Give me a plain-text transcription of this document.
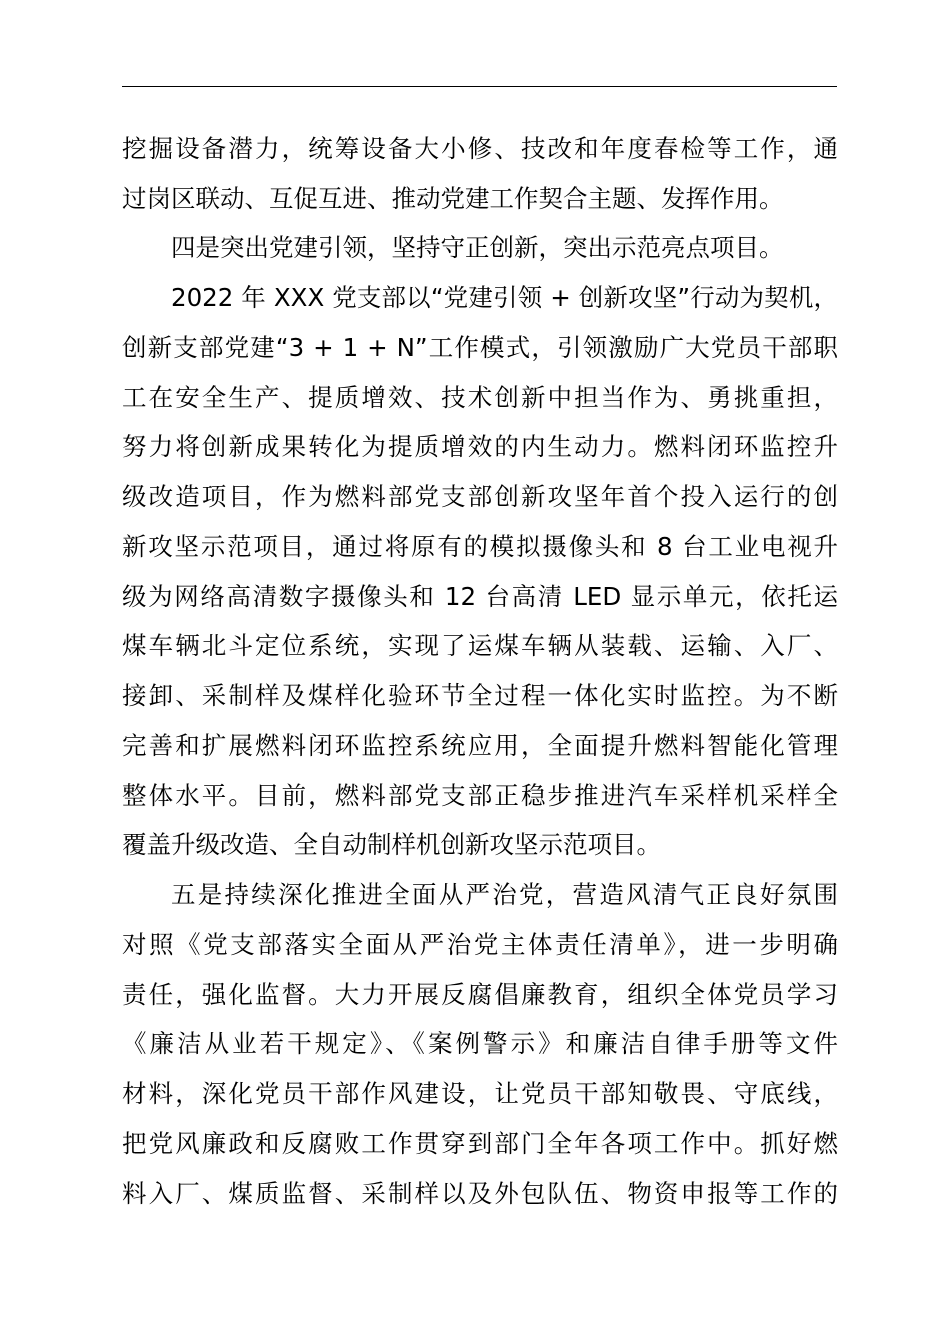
挖掘设备潜力，统筹设备大小修、技改和年度春检等工作，通
过岗区联动、互促互进、推动党建工作契合主题、发挥作用。
四是突出党建引领，坚持守正创新，突出示范亮点项目。
2022 年 XXX 党支部以“党建引领 + 创新攻坚”行动为契机，
创新支部党建“3 + 1 + N”工作模式，引领激励广大党员干部职
工在安全生产、提质增效、技术创新中担当作为、勇挑重担，
努力将创新成果转化为提质增效的内生动力。燃料闭环监控升
级改造项目，作为燃料部党支部创新攻坚年首个投入运行的创
新攻坚示范项目，通过将原有的模拟摄像头和 8 台工业电视升
级为网络高清数字摄像头和 12 台高清 LED 显示单元，依托运
煤车辆北斗定位系统，实现了运煤车辆从装载、运输、入厂、
接卸、采制样及煤样化验环节全过程一体化实时监控。为不断
完善和扩展燃料闭环监控系统应用，全面提升燃料智能化管理
整体水平。目前，燃料部党支部正稳步推进汽车采样机采样全
覆盖升级改造、全自动制样机创新攻坚示范项目。
五是持续深化推进全面从严治党，营造风清气正良好氛围
对照《党支部落实全面从严治党主体责任清单》，进一步明确
责任，强化监督。大力开展反腐倡廉教育，组织全体党员学习
《廉洁从业若干规定》、《案例警示》和廉洁自律手册等文件
材料，深化党员干部作风建设，让党员干部知敬畏、守底线，
把党风廉政和反腐败工作贯穿到部门全年各项工作中。抓好燃
料入厂、煤质监督、采制样以及外包队伍、物资申报等工作的
